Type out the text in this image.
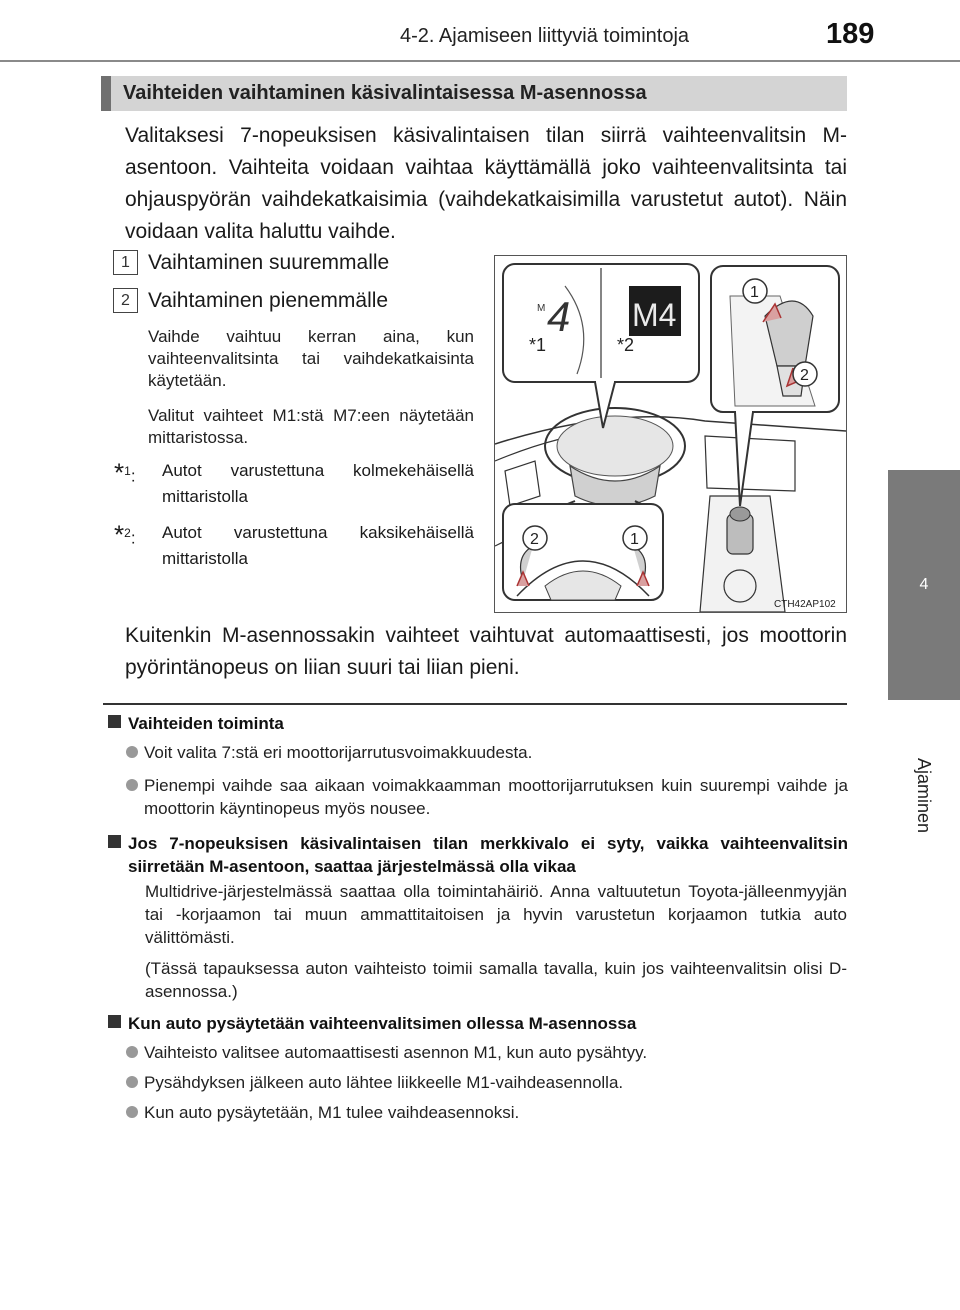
4-2. Ajamiseen liittyviä toimintoja	189
4
Ajaminen
Vaihteiden vaihtaminen käsivalintaisessa M-asennossa

Valitaksesi 7-nopeuksisen käsivalintaisen tilan siirrä vaihteenvalitsin M-asentoon. Vaihteita voidaan vaihtaa käyttämällä joko vaihteenvalitsinta tai ohjauspyörän vaihdekatkaisimia (vaihdekatkaisimilla varustetut autot). Näin voidaan valita haluttu vaihde.

1 Vaihtaminen suuremmalle
2 Vaihtaminen pienemmälle

Vaihde vaihtuu kerran aina, kun vaihteenvalitsinta tai vaihdekatkaisinta käytetään.

Valitut vaihteet M1:stä M7:een näytetään mittaristossa.

*$^1$:	Autot varustettuna kolmekehäisellä mittaristolla
*$^2$:	Autot varustettuna kaksikehäisellä mittaristolla
M 4 M4
*1	*2
1
2
2	1
CTH42AP102

Kuitenkin M-asennossakin vaihteet vaihtuvat automaattisesti, jos moottorin pyörintänopeus on liian suuri tai liian pieni.

Vaihteiden toiminta
Voit valita 7:stä eri moottorijarrutusvoimakkuudesta.
Pienempi vaihde saa aikaan voimakkaamman moottorijarrutuksen kuin suurempi vaihde ja moottorin käyntinopeus myös nousee.
Jos 7-nopeuksisen käsivalintaisen tilan merkkivalo ei syty, vaikka vaihteenvalitsin siirretään M-asentoon, saattaa järjestelmässä olla vikaa

Multidrive-järjestelmässä saattaa olla toimintahäiriö. Anna valtuutetun Toyota-jälleenmyyjän tai -korjaamon tai muun ammattitaitoisen ja hyvin varustetun korjaamon tutkia auto välittömästi.

(Tässä tapauksessa auton vaihteisto toimii samalla tavalla, kuin jos vaihteenvalitsin olisi D-asennossa.)

Kun auto pysäytetään vaihteenvalitsimen ollessa M-asennossa
Vaihteisto valitsee automaattisesti asennon M1, kun auto pysähtyy.
Pysähdyksen jälkeen auto lähtee liikkeelle M1-vaihdeasennolla.
Kun auto pysäytetään, M1 tulee vaihdeasennoksi.
